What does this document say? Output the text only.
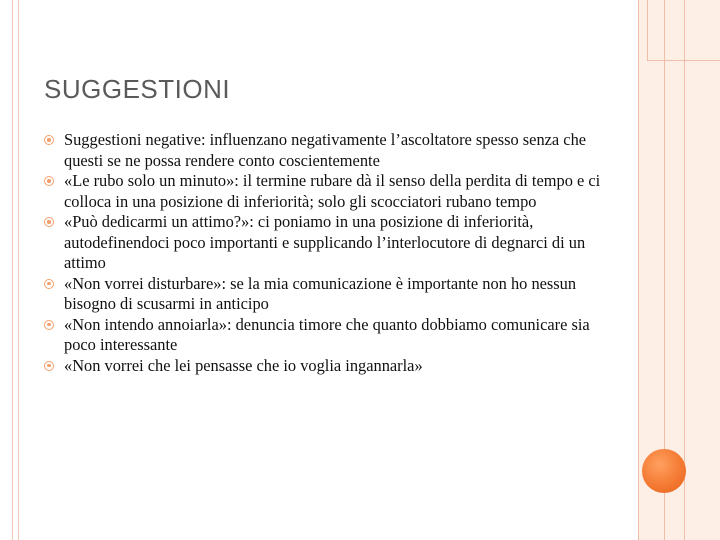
SUGGESTIONI
Suggestioni negative: influenzano negativamente l’ascoltatore spesso senza che questi se ne possa rendere conto coscientemente
«Le rubo solo un minuto»: il termine rubare dà il senso della perdita di tempo e ci colloca in una posizione di inferiorità; solo gli scocciatori rubano tempo
«Può dedicarmi un attimo?»: ci poniamo in una posizione di inferiorità, autodefinendoci poco importanti e supplicando l’interlocutore di degnarci di un attimo
«Non vorrei disturbare»: se la mia comunicazione è importante non ho nessun bisogno di scusarmi in anticipo
«Non intendo annoiarla»: denuncia timore che quanto dobbiamo comunicare sia poco interessante
«Non vorrei che lei pensasse che io voglia ingannarla»
